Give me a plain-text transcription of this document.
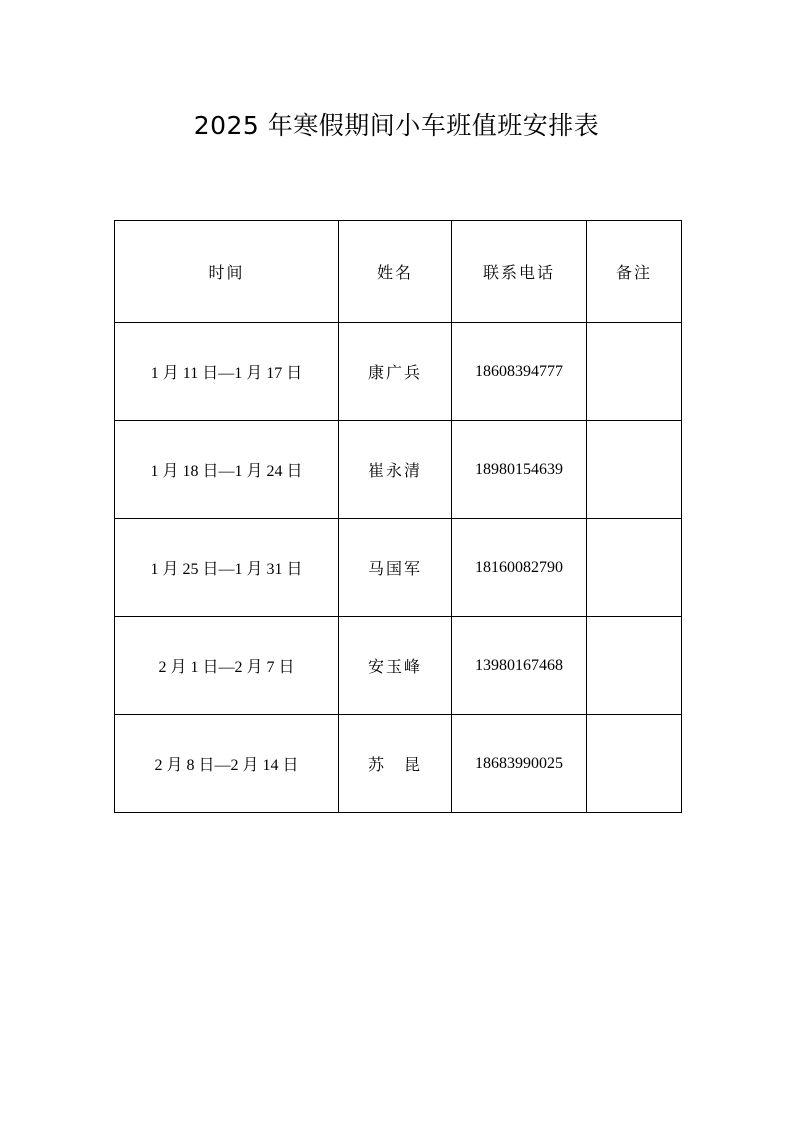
2025 年寒假期间小车班值班安排表
时间	姓名	联系电话	备注
1 月 11 日—1 月 17 日	康广兵	18608394777	
1 月 18 日—1 月 24 日	崔永清	18980154639	
1 月 25 日—1 月 31 日	马国军	18160082790	
2 月 1 日—2 月 7 日	安玉峰	13980167468	
2 月 8 日—2 月 14 日	苏　昆	18683990025	
